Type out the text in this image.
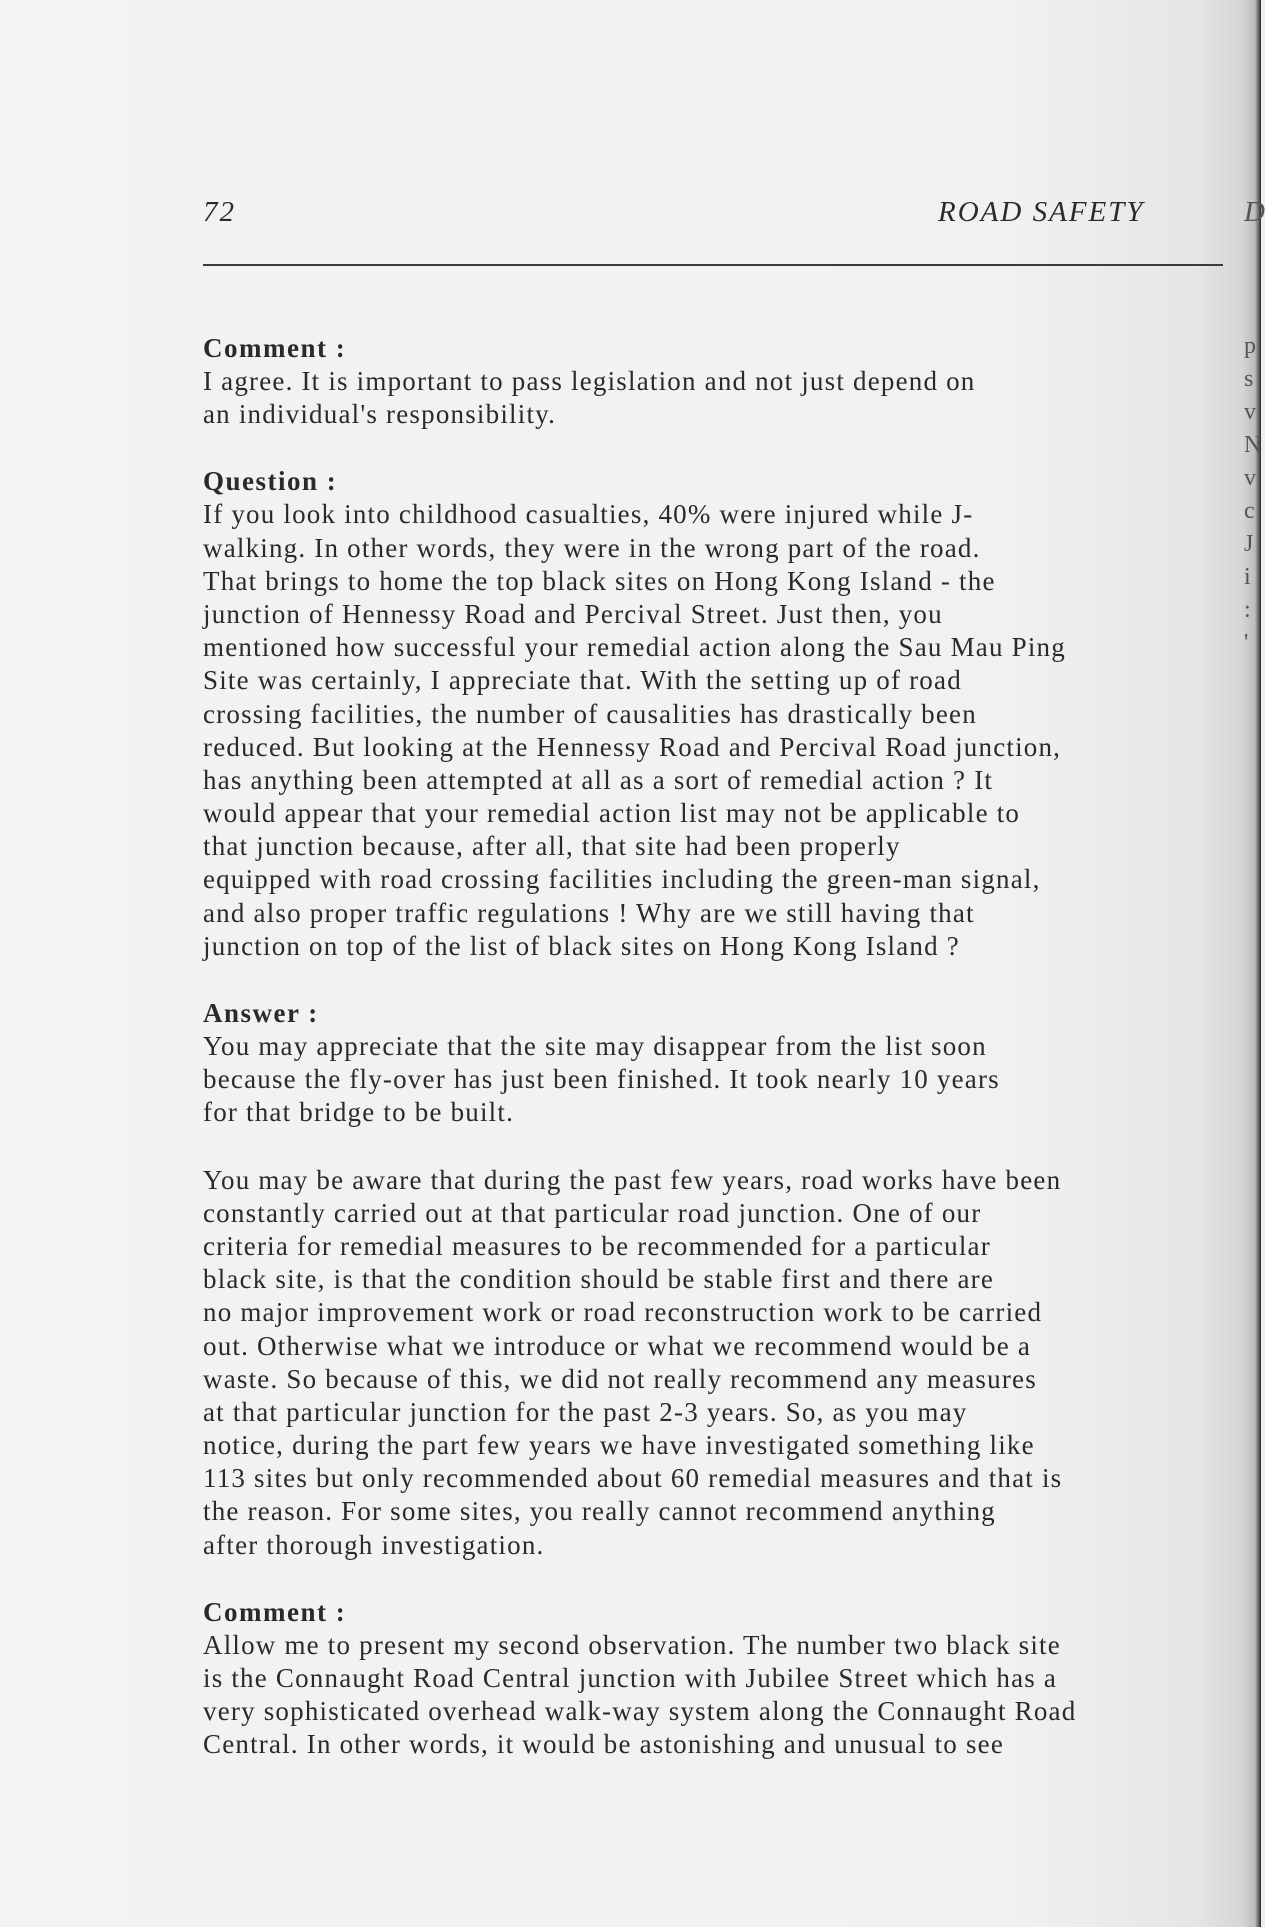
72	ROAD SAFETY	D
Comment :
I agree. It is important to pass legislation and not just depend on
an individual's responsibility.
Question :
If you look into childhood casualties, 40% were injured while J-
walking. In other words, they were in the wrong part of the road.
That brings to home the top black sites on Hong Kong Island - the
junction of Hennessy Road and Percival Street. Just then, you
mentioned how successful your remedial action along the Sau Mau Ping
Site was certainly, I appreciate that. With the setting up of road
crossing facilities, the number of causalities has drastically been
reduced. But looking at the Hennessy Road and Percival Road junction,
has anything been attempted at all as a sort of remedial action ? It
would appear that your remedial action list may not be applicable to
that junction because, after all, that site had been properly
equipped with road crossing facilities including the green-man signal,
and also proper traffic regulations ! Why are we still having that
junction on top of the list of black sites on Hong Kong Island ?
Answer :
You may appreciate that the site may disappear from the list soon
because the fly-over has just been finished. It took nearly 10 years
for that bridge to be built.
You may be aware that during the past few years, road works have been
constantly carried out at that particular road junction. One of our
criteria for remedial measures to be recommended for a particular
black site, is that the condition should be stable first and there are
no major improvement work or road reconstruction work to be carried
out. Otherwise what we introduce or what we recommend would be a
waste. So because of this, we did not really recommend any measures
at that particular junction for the past 2-3 years. So, as you may
notice, during the part few years we have investigated something like
113 sites but only recommended about 60 remedial measures and that is
the reason. For some sites, you really cannot recommend anything
after thorough investigation.
Comment :
Allow me to present my second observation. The number two black site
is the Connaught Road Central junction with Jubilee Street which has a
very sophisticated overhead walk-way system along the Connaught Road
Central. In other words, it would be astonishing and unusual to see
p
s
v
N
v
c
J
i
:
'
